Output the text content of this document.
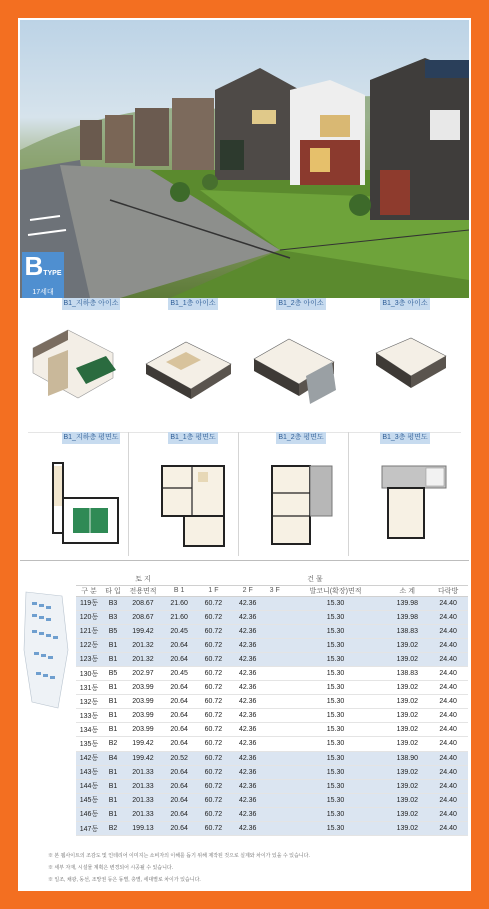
BTYPE
17세대
B1_지하층 아이소	B1_1층 아이소	B1_2층 아이소	B1_3층 아이소
B1_지하층 평면도	B1_1층 평면도	B1_2층 평면도	B1_3층 평면도
		토 지	건 물						
구 분	타 입	전용면적	B 1	1 F	2 F	3 F	발코니(확장)면적	소 계	다락방
119동	B3	208.67	21.60	60.72	42.36		15.30	139.98	24.40
120동	B3	208.67	21.60	60.72	42.36		15.30	139.98	24.40
121동	B5	199.42	20.45	60.72	42.36		15.30	138.83	24.40
122동	B1	201.32	20.64	60.72	42.36		15.30	139.02	24.40
123동	B1	201.32	20.64	60.72	42.36		15.30	139.02	24.40
130동	B5	202.97	20.45	60.72	42.36		15.30	138.83	24.40
131동	B1	203.99	20.64	60.72	42.36		15.30	139.02	24.40
132동	B1	203.99	20.64	60.72	42.36		15.30	139.02	24.40
133동	B1	203.99	20.64	60.72	42.36		15.30	139.02	24.40
134동	B1	203.99	20.64	60.72	42.36		15.30	139.02	24.40
135동	B2	199.42	20.64	60.72	42.36		15.30	139.02	24.40
142동	B4	199.42	20.52	60.72	42.36		15.30	138.90	24.40
143동	B1	201.33	20.64	60.72	42.36		15.30	139.02	24.40
144동	B1	201.33	20.64	60.72	42.36		15.30	139.02	24.40
145동	B1	201.33	20.64	60.72	42.36		15.30	139.02	24.40
146동	B1	201.33	20.64	60.72	42.36		15.30	139.02	24.40
147동	B2	199.13	20.64	60.72	42.36		15.30	139.02	24.40
※ 본 웹사이트의 조감도 및 인테리어 이미지는 소비자의 이해를 돕기 위해 제작된 것으로 실제와 차이가 있을 수 있습니다.
※ 세부 자재, 시설물 계획은 변경되어 시공될 수 있습니다.
※ 일조, 채광, 동선, 조망권 등은 동별, 층별, 세대별로 차이가 있습니다.
